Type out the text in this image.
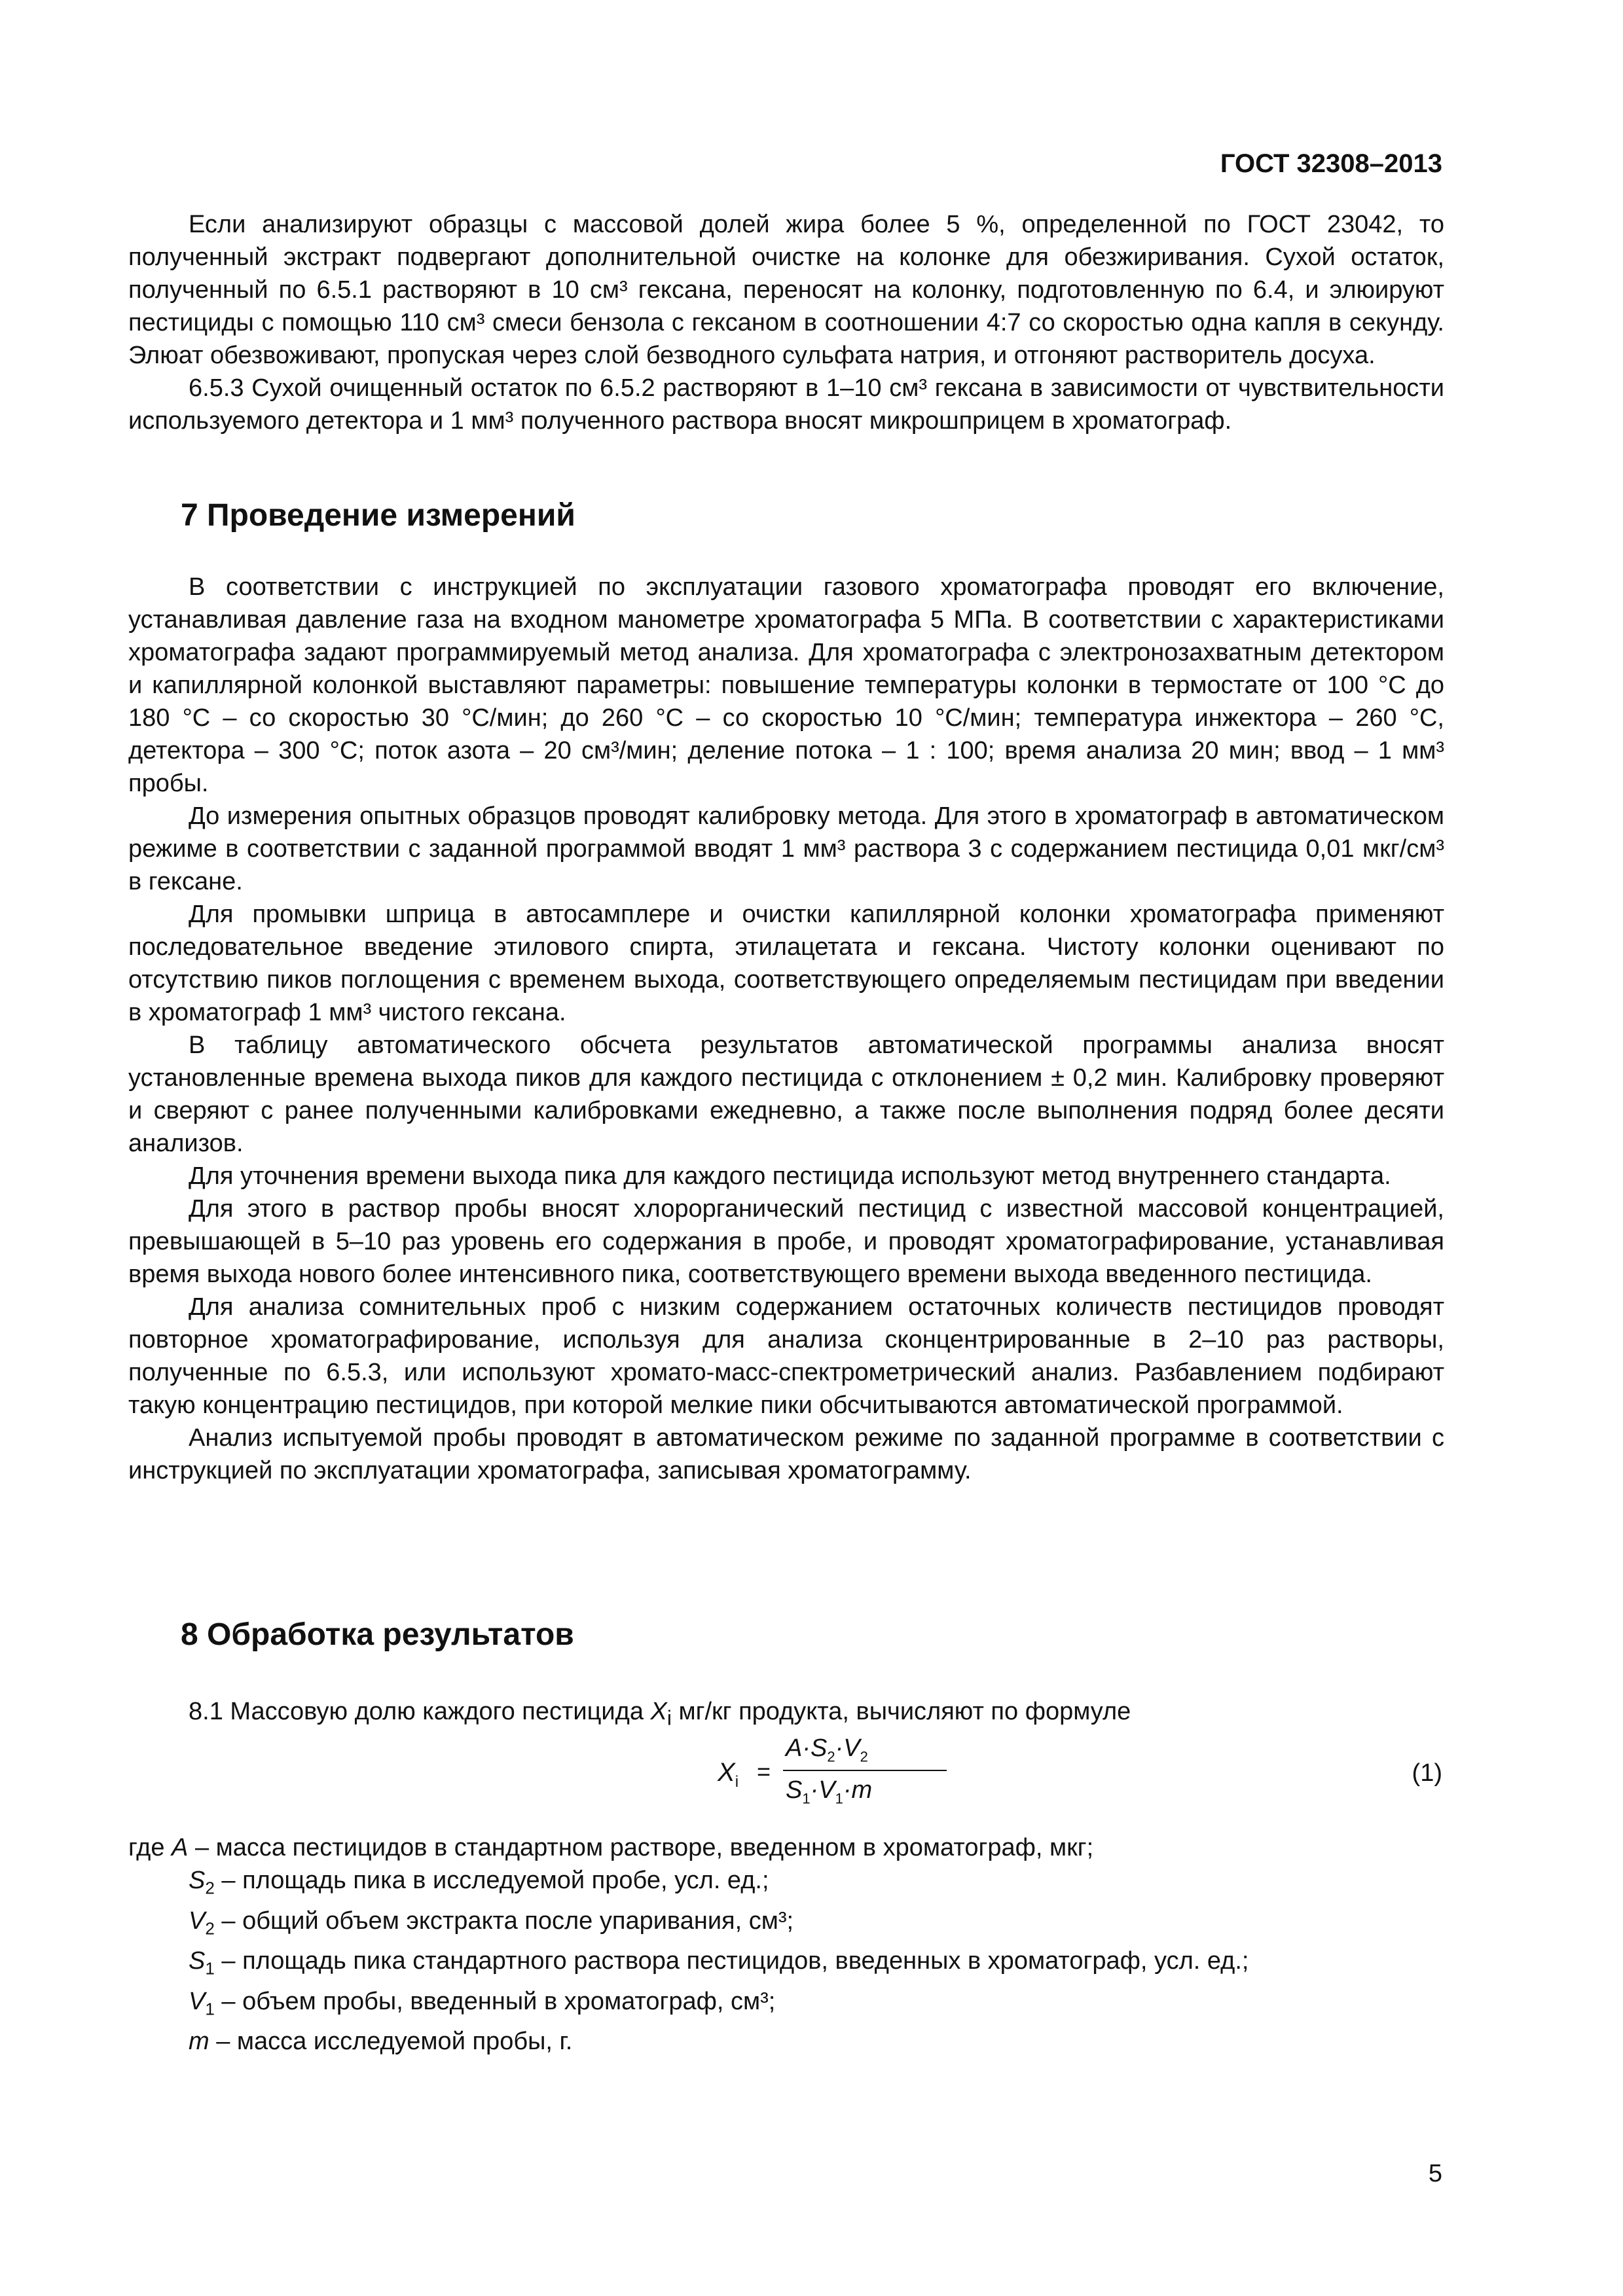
ГОСТ 32308–2013

Если анализируют образцы с массовой долей жира более 5 %, определенной по ГОСТ 23042, то полученный экстракт подвергают дополнительной очистке на колонке для обезжиривания. Сухой остаток, полученный по 6.5.1 растворяют в 10 см³ гексана, переносят на колонку, подготовленную по 6.4, и элюируют пестициды с помощью 110 см³ смеси бензола с гексаном в соотношении 4:7 со скоростью одна капля в секунду. Элюат обезвоживают, пропуская через слой безводного сульфата натрия, и отгоняют растворитель досуха.

6.5.3 Сухой очищенный остаток по 6.5.2 растворяют в 1–10 см³ гексана в зависимости от чувствительности используемого детектора и 1 мм³ полученного раствора вносят микрошприцем в хроматограф.

7 Проведение измерений

В соответствии с инструкцией по эксплуатации газового хроматографа проводят его включение, устанавливая давление газа на входном манометре хроматографа 5 МПа. В соответствии с характеристиками хроматографа задают программируемый метод анализа. Для хроматографа с электронозахватным детектором и капиллярной колонкой выставляют параметры: повышение температуры колонки в термостате от 100 °С до 180 °С – со скоростью 30 °С/мин; до 260 °С – со скоростью 10 °С/мин; температура инжектора – 260 °С, детектора – 300 °С; поток азота – 20 см³/мин; деление потока – 1 : 100; время анализа 20 мин; ввод – 1 мм³ пробы.

До измерения опытных образцов проводят калибровку метода. Для этого в хроматограф в автоматическом режиме в соответствии с заданной программой вводят 1 мм³ раствора 3 с содержанием пестицида 0,01 мкг/см³ в гексане.

Для промывки шприца в автосамплере и очистки капиллярной колонки хроматографа применяют последовательное введение этилового спирта, этилацетата и гексана. Чистоту колонки оценивают по отсутствию пиков поглощения с временем выхода, соответствующего определяемым пестицидам при введении в хроматограф 1 мм³ чистого гексана.

В таблицу автоматического обсчета результатов автоматической программы анализа вносят установленные времена выхода пиков для каждого пестицида с отклонением ± 0,2 мин. Калибровку проверяют и сверяют с ранее полученными калибровками ежедневно, а также после выполнения подряд более десяти анализов.

Для уточнения времени выхода пика для каждого пестицида используют метод внутреннего стандарта.

Для этого в раствор пробы вносят хлорорганический пестицид с известной массовой концентрацией, превышающей в 5–10 раз уровень его содержания в пробе, и проводят хроматографирование, устанавливая время выхода нового более интенсивного пика, соответствующего времени выхода введенного пестицида.

Для анализа сомнительных проб с низким содержанием остаточных количеств пестицидов проводят повторное хроматографирование, используя для анализа сконцентрированные в 2–10 раз растворы, полученные по 6.5.3, или используют хромато-масс-спектрометрический анализ. Разбавлением подбирают такую концентрацию пестицидов, при которой мелкие пики обсчитываются автоматической программой.

Анализ испытуемой пробы проводят в автоматическом режиме по заданной программе в соответствии с инструкцией по эксплуатации хроматографа, записывая хроматограмму.

8 Обработка результатов

8.1 Массовую долю каждого пестицида $X_i$ мг/кг продукта, вычисляют по формуле

$X_i$ =
$A\cdot S_2\cdot V_2$
$S_1\cdot V_1\cdot m$
(1)
где A – масса пестицидов в стандартном растворе, введенном в хроматограф, мкг;
$S_2$ – площадь пика в исследуемой пробе, усл. ед.;
$V_2$ – общий объем экстракта после упаривания, см³;
$S_1$ – площадь пика стандартного раствора пестицидов, введенных в хроматограф, усл. ед.;
$V_1$ – объем пробы, введенный в хроматограф, см³;
m – масса исследуемой пробы, г.
5
